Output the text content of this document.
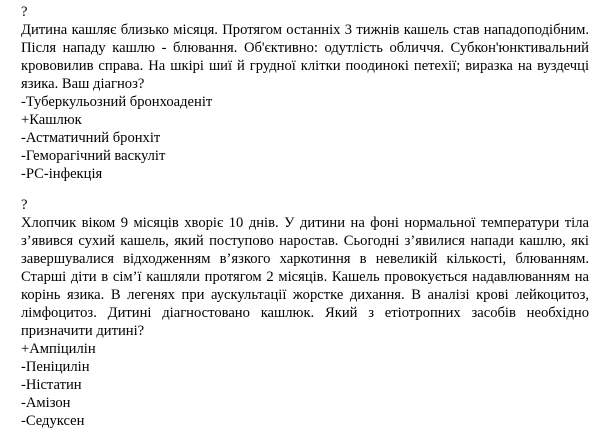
?
Дитина кашляє близько місяця. Протягом останніх 3 тижнів кашель став нападоподібним. Після нападу кашлю - блювання. Об'єктивно: одутлість обличчя. Субкон'юнктивальний крововилив справа. На шкірі шиї й грудної клітки поодинокі петехії; виразка на вуздечці язика. Ваш діагноз?
-Туберкульозний бронхоаденіт
+Кашлюк
-Астматичний бронхіт
-Геморагічний васкуліт
-РС-інфекція
?
Хлопчик віком 9 місяців хворіє 10 днів. У дитини на фоні нормальної температури тіла з’явився сухий кашель, який поступово наростав. Сьогодні з’явилися напади кашлю, які завершувалися відходженням в’язкого харкотиння в невеликій кількості, блюванням. Старші діти в сім’ї кашляли протягом 2 місяців. Кашель провокується надавлюванням на корінь язика. В легенях при аускультації жорстке дихання. В аналізі крові лейкоцитоз, лімфоцитоз. Дитині діагностовано кашлюк. Який з етіотропних засобів необхідно призначити дитині?
+Ампіцилін
-Пеніцилін
-Ністатин
-Амізон
-Седуксен
